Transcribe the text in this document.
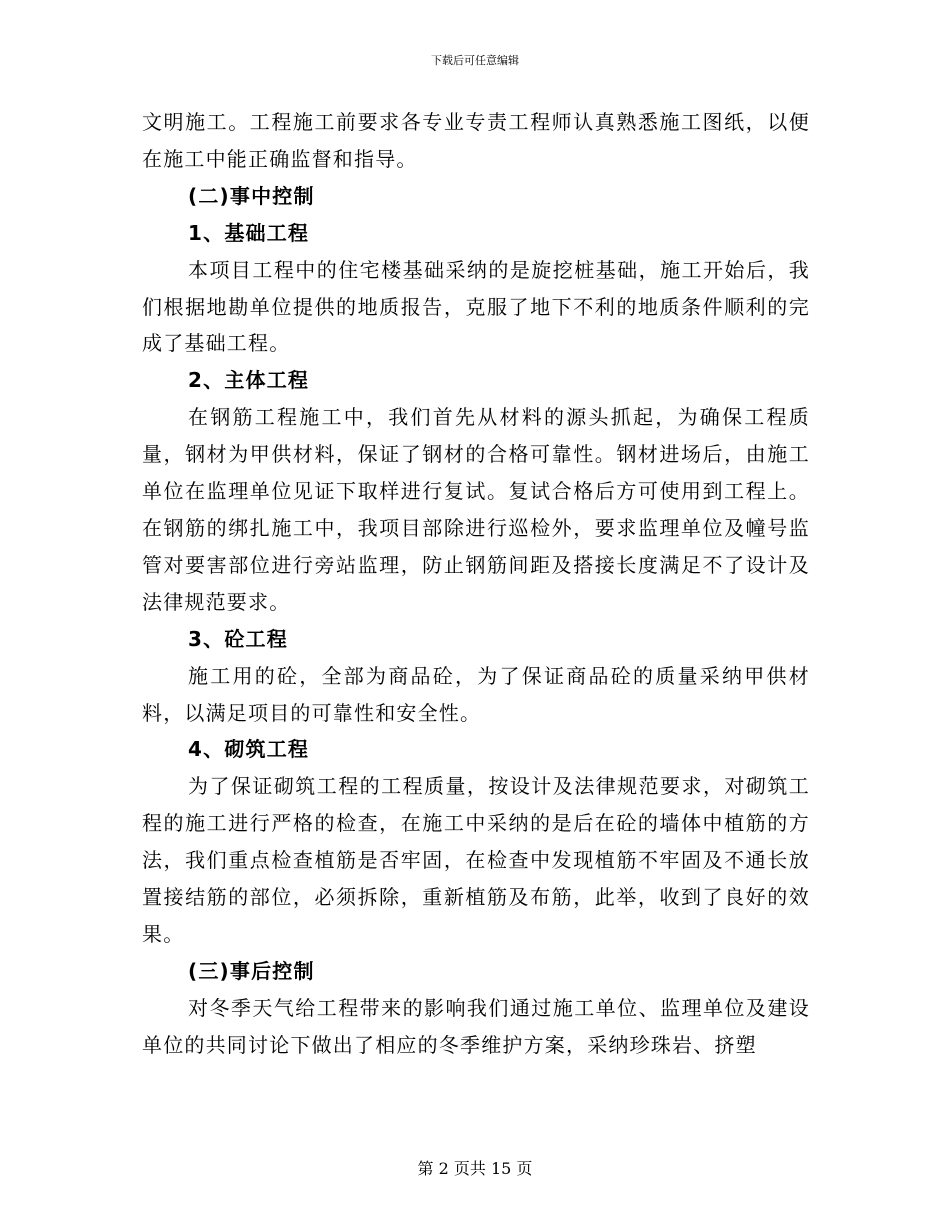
下载后可任意编辑

文明施工。工程施工前要求各专业专责工程师认真熟悉施工图纸，以便在施工中能正确监督和指导。

(二)事中控制
1、基础工程

本项目工程中的住宅楼基础采纳的是旋挖桩基础，施工开始后，我们根据地勘单位提供的地质报告，克服了地下不利的地质条件顺利的完成了基础工程。

2、主体工程

在钢筋工程施工中，我们首先从材料的源头抓起，为确保工程质量，钢材为甲供材料，保证了钢材的合格可靠性。钢材进场后，由施工单位在监理单位见证下取样进行复试。复试合格后方可使用到工程上。在钢筋的绑扎施工中，我项目部除进行巡检外，要求监理单位及幢号监管对要害部位进行旁站监理，防止钢筋间距及搭接长度满足不了设计及法律规范要求。

3、砼工程

施工用的砼，全部为商品砼，为了保证商品砼的质量采纳甲供材料，以满足项目的可靠性和安全性。

4、砌筑工程

为了保证砌筑工程的工程质量，按设计及法律规范要求，对砌筑工程的施工进行严格的检查，在施工中采纳的是后在砼的墙体中植筋的方法，我们重点检查植筋是否牢固，在检查中发现植筋不牢固及不通长放置接结筋的部位，必须拆除，重新植筋及布筋，此举，收到了良好的效果。

(三)事后控制

对冬季天气给工程带来的影响我们通过施工单位、监理单位及建设单位的共同讨论下做出了相应的冬季维护方案，采纳珍珠岩、挤塑

第 2 页共 15 页
